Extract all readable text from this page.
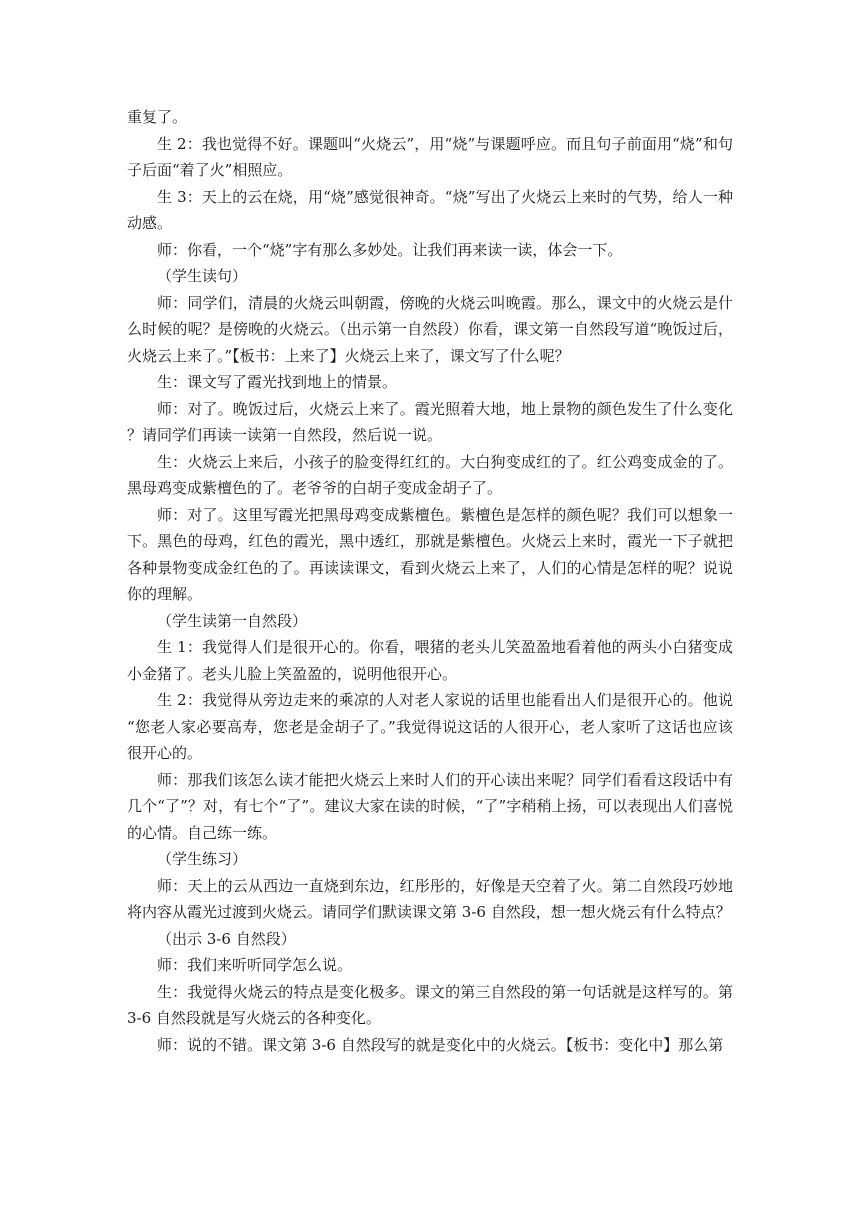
重复了。

生 2：我也觉得不好。课题叫“火烧云”，用“烧”与课题呼应。而且句子前面用“烧”和句子后面“着了火”相照应。

生 3：天上的云在烧，用“烧”感觉很神奇。“烧”写出了火烧云上来时的气势，给人一种动感。

师：你看，一个“烧”字有那么多妙处。让我们再来读一读，体会一下。

（学生读句）

师：同学们，清晨的火烧云叫朝霞，傍晚的火烧云叫晚霞。那么，课文中的火烧云是什么时候的呢？是傍晚的火烧云。（出示第一自然段）你看，课文第一自然段写道“晚饭过后，火烧云上来了。”【板书：上来了】火烧云上来了，课文写了什么呢？

生：课文写了霞光找到地上的情景。

师：对了。晚饭过后，火烧云上来了。霞光照着大地，地上景物的颜色发生了什么变化？请同学们再读一读第一自然段，然后说一说。

生：火烧云上来后，小孩子的脸变得红红的。大白狗变成红的了。红公鸡变成金的了。黑母鸡变成紫檀色的了。老爷爷的白胡子变成金胡子了。

师：对了。这里写霞光把黑母鸡变成紫檀色。紫檀色是怎样的颜色呢？我们可以想象一下。黑色的母鸡，红色的霞光，黑中透红，那就是紫檀色。火烧云上来时，霞光一下子就把各种景物变成金红色的了。再读读课文，看到火烧云上来了，人们的心情是怎样的呢？说说你的理解。

（学生读第一自然段）

生 1：我觉得人们是很开心的。你看，喂猪的老头儿笑盈盈地看着他的两头小白猪变成小金猪了。老头儿脸上笑盈盈的，说明他很开心。

生 2：我觉得从旁边走来的乘凉的人对老人家说的话里也能看出人们是很开心的。他说“您老人家必要高寿，您老是金胡子了。”我觉得说这话的人很开心，老人家听了这话也应该很开心的。

师：那我们该怎么读才能把火烧云上来时人们的开心读出来呢？同学们看看这段话中有几个“了”？对，有七个“了”。建议大家在读的时候，“了”字稍稍上扬，可以表现出人们喜悦的心情。自己练一练。

（学生练习）

师：天上的云从西边一直烧到东边，红彤彤的，好像是天空着了火。第二自然段巧妙地将内容从霞光过渡到火烧云。请同学们默读课文第 3-6 自然段，想一想火烧云有什么特点？

（出示 3-6 自然段）

师：我们来听听同学怎么说。

生：我觉得火烧云的特点是变化极多。课文的第三自然段的第一句话就是这样写的。第 3-6 自然段就是写火烧云的各种变化。

师：说的不错。课文第 3-6 自然段写的就是变化中的火烧云。【板书：变化中】那么第
